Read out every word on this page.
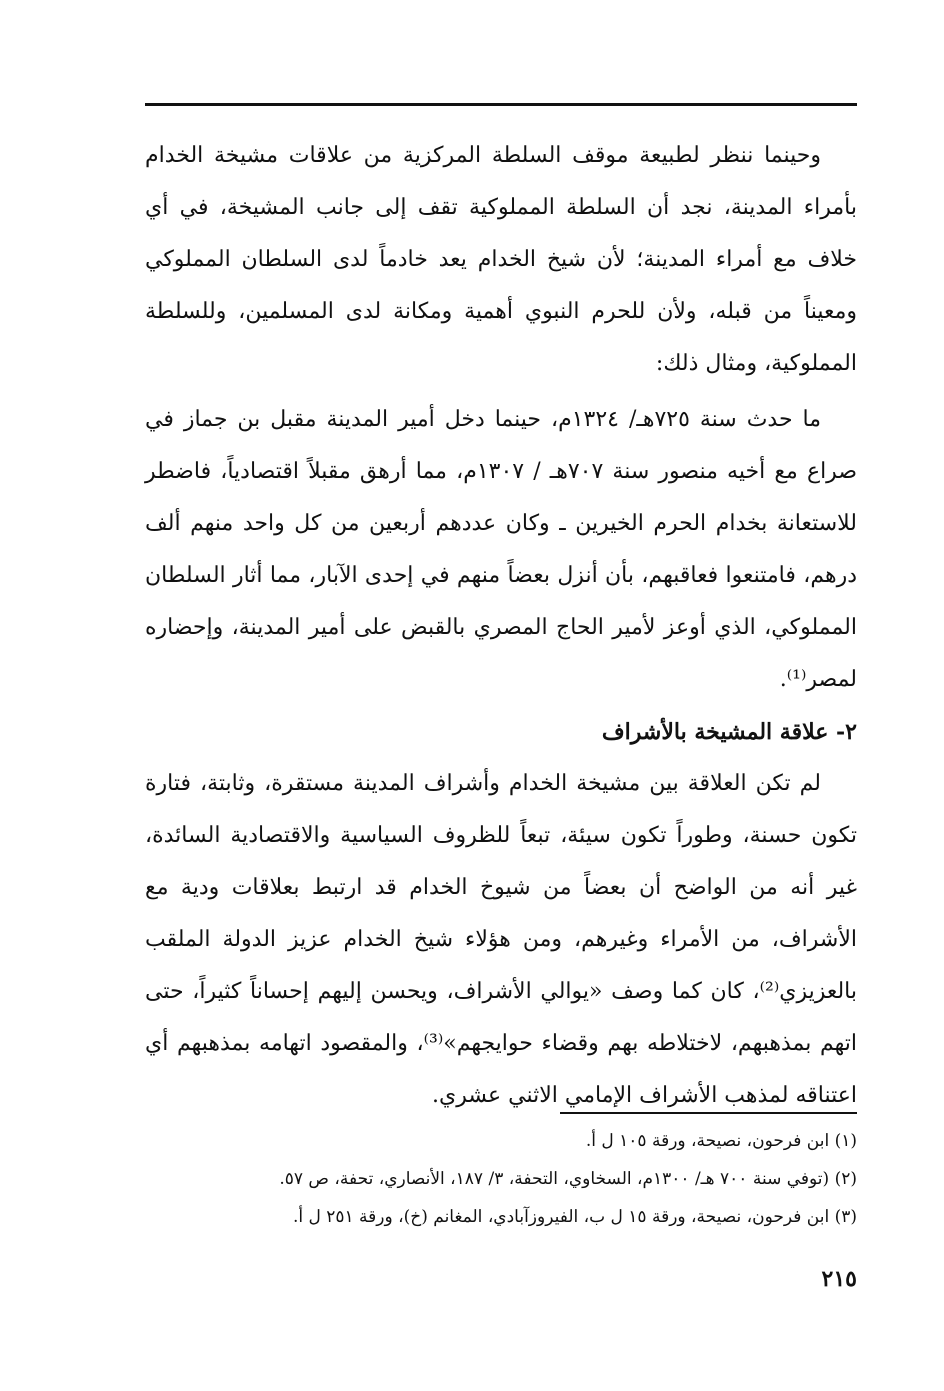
وحينما ننظر لطبيعة موقف السلطة المركزية من علاقات مشيخة الخدام بأمراء المدينة، نجد أن السلطة المملوكية تقف إلى جانب المشيخة، في أي خلاف مع أمراء المدينة؛ لأن شيخ الخدام يعد خادماً لدى السلطان المملوكي ومعيناً من قبله، ولأن للحرم النبوي أهمية ومكانة لدى المسلمين، وللسلطة المملوكية، ومثال ذلك:

ما حدث سنة ٧٢٥هـ/ ١٣٢٤م، حينما دخل أمير المدينة مقبل بن جماز في صراع مع أخيه منصور سنة ٧٠٧هـ / ١٣٠٧م، مما أرهق مقبلاً اقتصادياً، فاضطر للاستعانة بخدام الحرم الخيرين ـ وكان عددهم أربعين من كل واحد منهم ألف درهم، فامتنعوا فعاقبهم، بأن أنزل بعضاً منهم في إحدى الآبار، مما أثار السلطان المملوكي، الذي أوعز لأمير الحاج المصري بالقبض على أمير المدينة، وإحضاره لمصر⁽¹⁾.

٢- علاقة المشيخة بالأشراف

لم تكن العلاقة بين مشيخة الخدام وأشراف المدينة مستقرة، وثابتة، فتارة تكون حسنة، وطوراً تكون سيئة، تبعاً للظروف السياسية والاقتصادية السائدة، غير أنه من الواضح أن بعضاً من شيوخ الخدام قد ارتبط بعلاقات ودية مع الأشراف، من الأمراء وغيرهم، ومن هؤلاء شيخ الخدام عزيز الدولة الملقب بالعزيزي⁽²⁾، كان كما وصف «يوالي الأشراف، ويحسن إليهم إحساناً كثيراً، حتى اتهم بمذهبهم، لاختلاطه بهم وقضاء حوايجهم»⁽³⁾، والمقصود اتهامه بمذهبهم أي اعتناقه لمذهب الأشراف الإمامي الاثني عشري.

(١) ابن فرحون، نصيحة، ورقة ١٠٥ ل أ.

(٢) (توفي سنة ٧٠٠ هـ/ ١٣٠٠م، السخاوي، التحفة، ٣/ ١٨٧، الأنصاري، تحفة، ص ٥٧.

(٣) ابن فرحون، نصيحة، ورقة ١٥ ل ب، الفيروزآبادي، المغانم (خ)، ورقة ٢٥١ ل أ.

٢١٥
